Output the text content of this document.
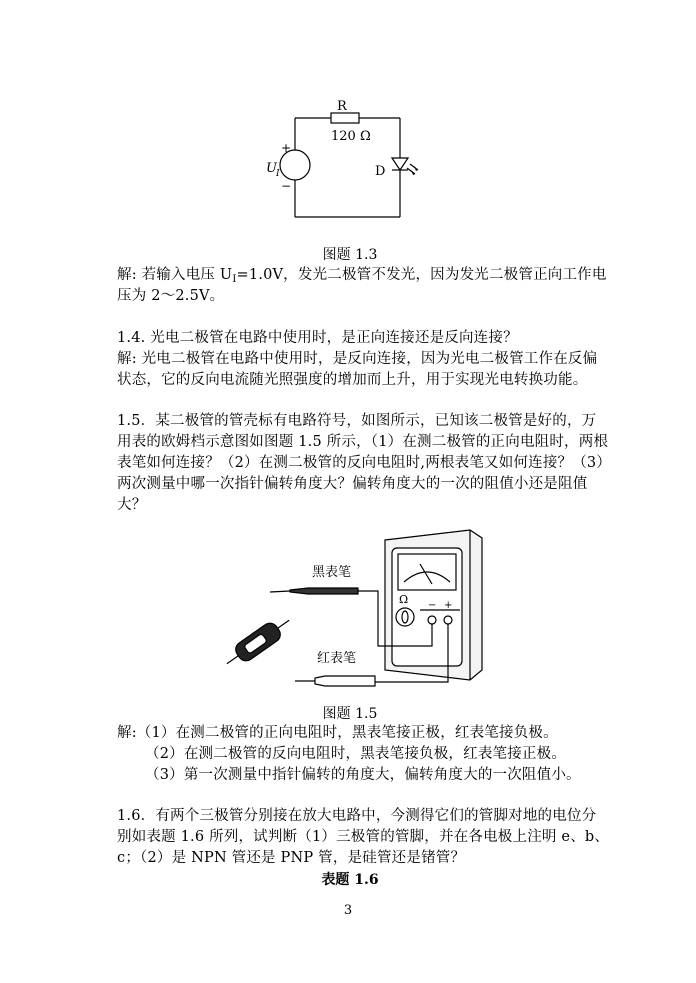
R
120 Ω
+
−
U I	D
图题 1.3
解: 若输入电压 $U_I=1.0V$，发光二极管不发光，因为发光二极管正向工作电
压为 2～2.5V。
1.4. 光电二极管在电路中使用时，是正向连接还是反向连接？
解: 光电二极管在电路中使用时，是反向连接，因为光电二极管工作在反偏
状态，它的反向电流随光照强度的增加而上升，用于实现光电转换功能。
1.5．某二极管的管壳标有电路符号，如图所示，已知该二极管是好的，万
用表的欧姆档示意图如图题 1.5 所示，（1）在测二极管的正向电阻时，两根
表笔如何连接？（2）在测二极管的反向电阻时,两根表笔又如何连接？（3）
两次测量中哪一次指针偏转角度大？偏转角度大的一次的阻值小还是阻值
大？
黑表笔
红表笔
Ω − +
图题 1.5
解:（1）在测二极管的正向电阻时，黑表笔接正极，红表笔接负极。
（2）在测二极管的反向电阻时，黑表笔接负极，红表笔接正极。
（3）第一次测量中指针偏转的角度大，偏转角度大的一次阻值小。
1.6．有两个三极管分别接在放大电路中，今测得它们的管脚对地的电位分
别如表题 1.6 所列，试判断（1）三极管的管脚，并在各电极上注明 e、b、
c；（2）是 NPN 管还是 PNP 管，是硅管还是锗管？
表题 1.6
3
